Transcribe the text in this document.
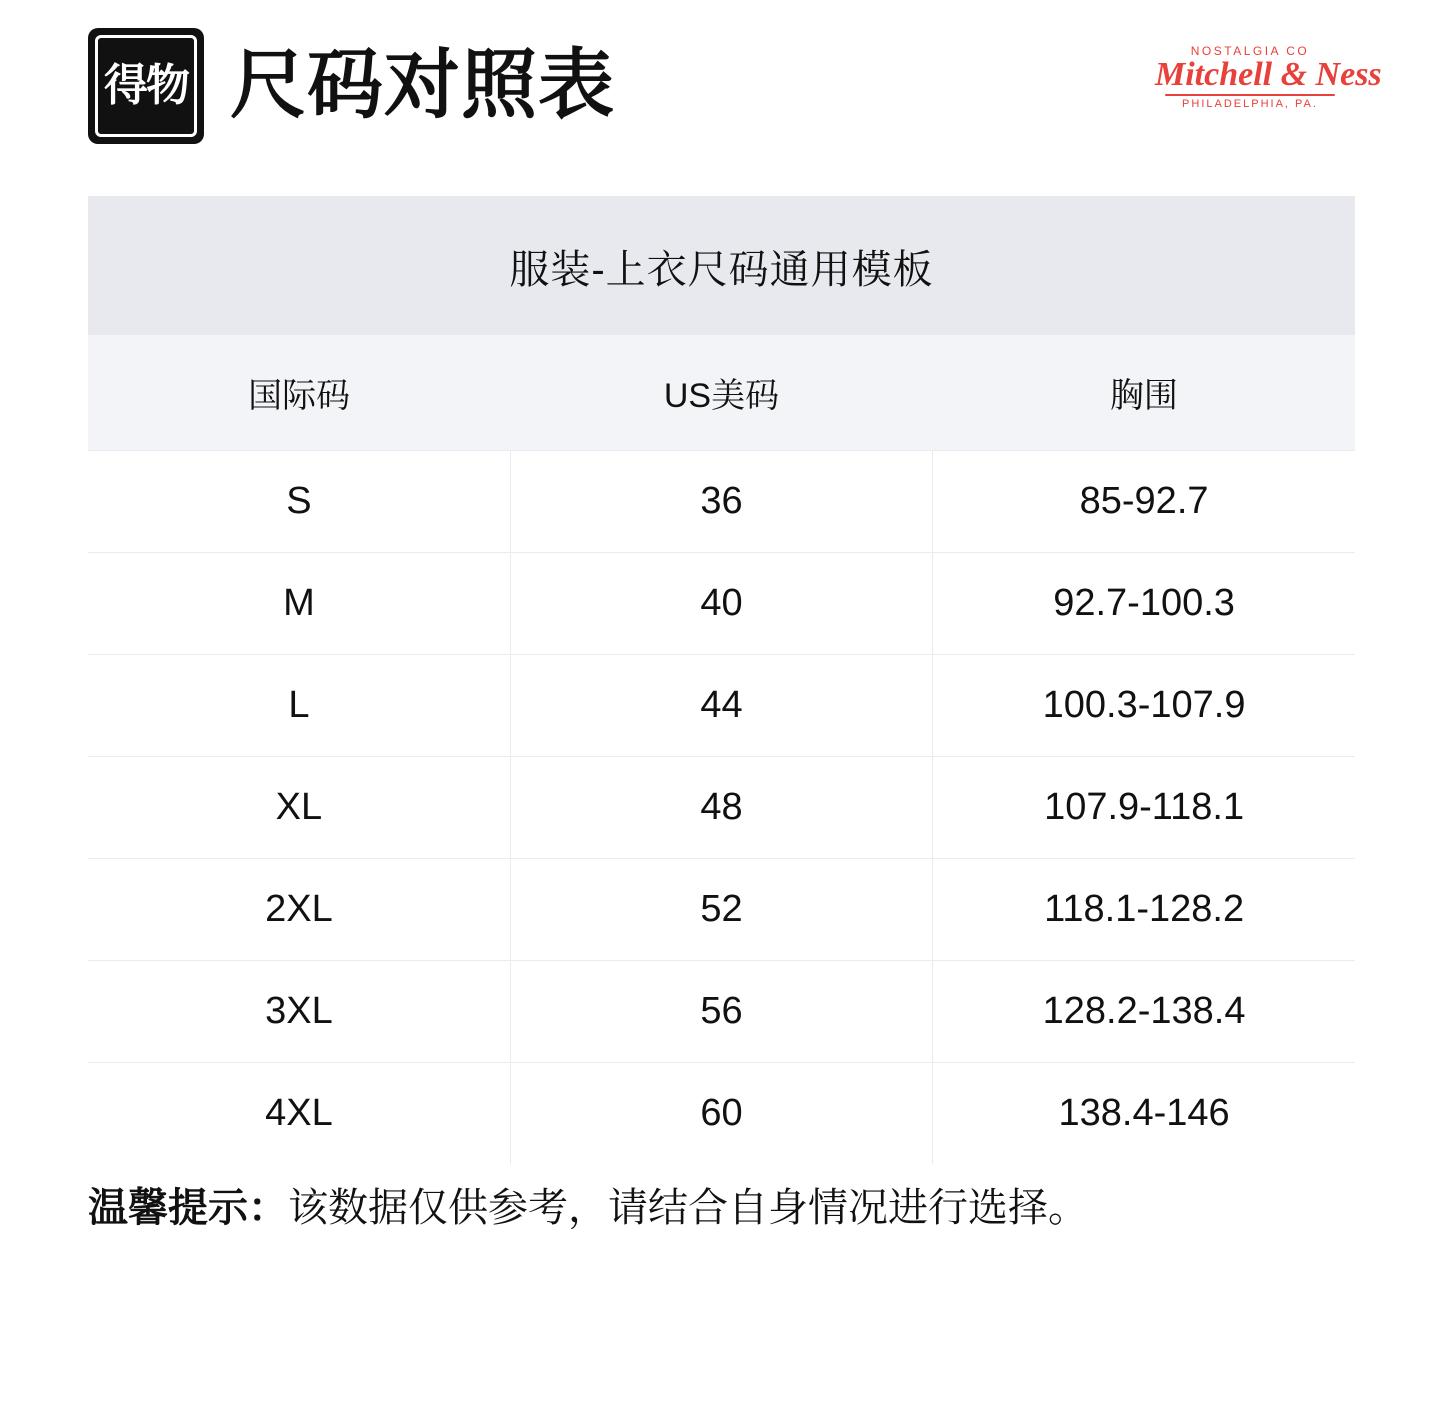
得物 尺码对照表	NOSTALGIA CO
Mitchell & Ness
PHILADELPHIA, PA.
服装-上衣尺码通用模板
国际码	US美码	胸围
S	36	85-92.7
M	40	92.7-100.3
L	44	100.3-107.9
XL	48	107.9-118.1
2XL	52	118.1-128.2
3XL	56	128.2-138.4
4XL	60	138.4-146
温馨提示：该数据仅供参考，请结合自身情况进行选择。
